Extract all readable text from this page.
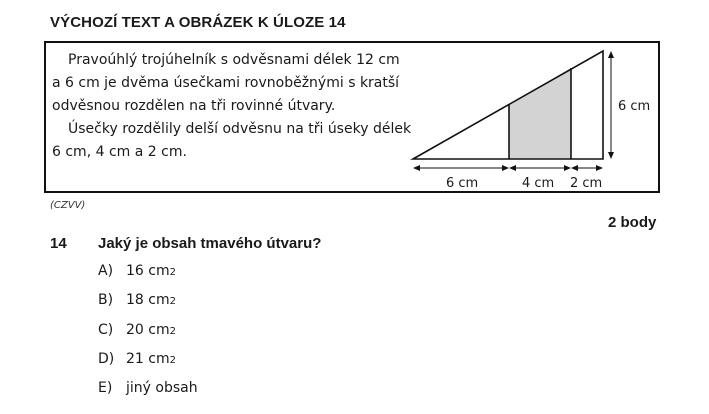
VÝCHOZÍ TEXT A OBRÁZEK K ÚLOZE 14

Pravoúhlý trojúhelník s odvěsnami délek 12 cm a 6 cm je dvěma úsečkami rovnoběžnými s kratší odvěsnou rozdělen na tři rovinné útvary.

Úsečky rozdělily delší odvěsnu na tři úseky délek 6 cm, 4 cm a 2 cm.

6 cm
6 cm	4 cm 2 cm
(CZVV)
2 body
14 Jaký je obsah tmavého útvaru?
A) 16 cm 2
B) 18 cm 2
C) 20 cm 2
D) 21 cm 2
E) jiný obsah
